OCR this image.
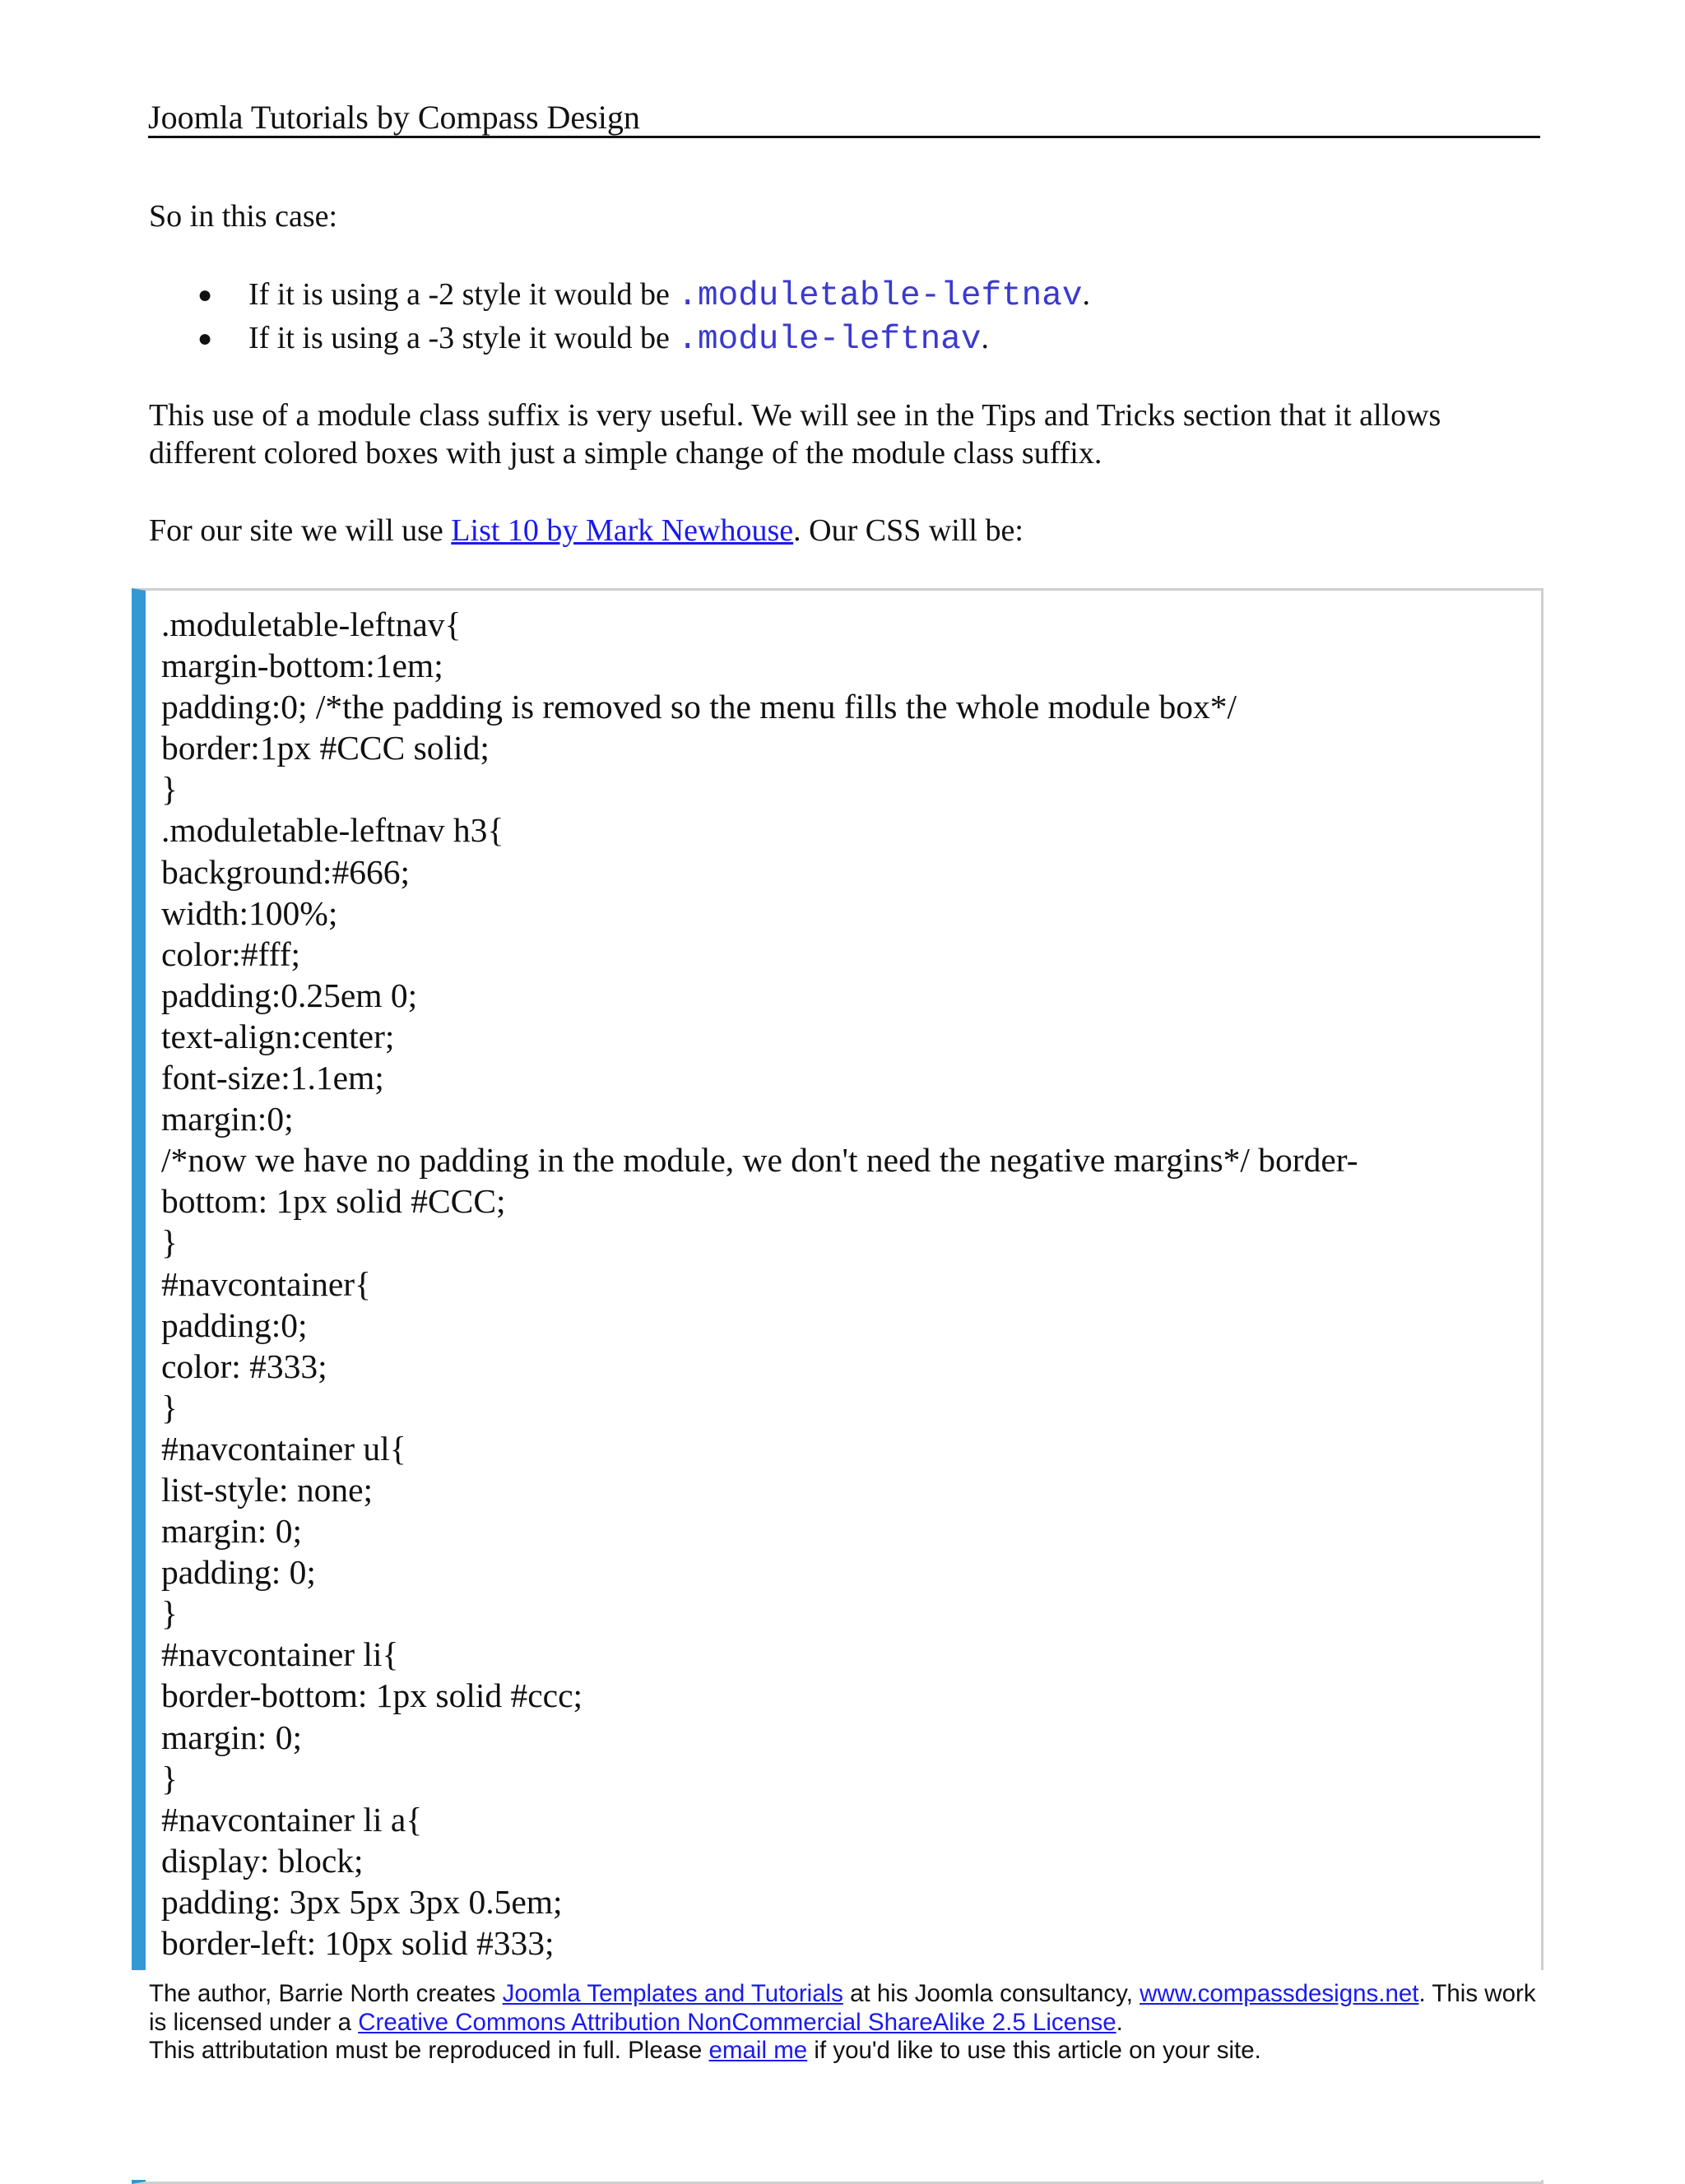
Joomla Tutorials by Compass Design
So in this case:
● If it is using a -2 style it would be .moduletable-leftnav.
● If it is using a -3 style it would be .module-leftnav.
This use of a module class suffix is very useful. We will see in the Tips and Tricks section that it allows different colored boxes with just a simple change of the module class suffix.
For our site we will use List 10 by Mark Newhouse. Our CSS will be:
.moduletable-leftnav{
margin-bottom:1em;
padding:0; /*the padding is removed so the menu fills the whole module box*/
border:1px #CCC solid;
}
.moduletable-leftnav h3{
background:#666;
width:100%;
color:#fff;
padding:0.25em 0;
text-align:center;
font-size:1.1em;
margin:0;
/*now we have no padding in the module, we don't need the negative margins*/ border-
bottom: 1px solid #CCC;
}
#navcontainer{
padding:0;
color: #333;
}
#navcontainer ul{
list-style: none;
margin: 0;
padding: 0;
}
#navcontainer li{
border-bottom: 1px solid #ccc;
margin: 0;
}
#navcontainer li a{
display: block;
padding: 3px 5px 3px 0.5em;
border-left: 10px solid #333;
The author, Barrie North creates Joomla Templates and Tutorials at his Joomla consultancy, www.compassdesigns.net. This work is licensed under a Creative Commons Attribution NonCommercial ShareAlike 2.5 License.
This attributation must be reproduced in full. Please email me if you'd like to use this article on your site.
